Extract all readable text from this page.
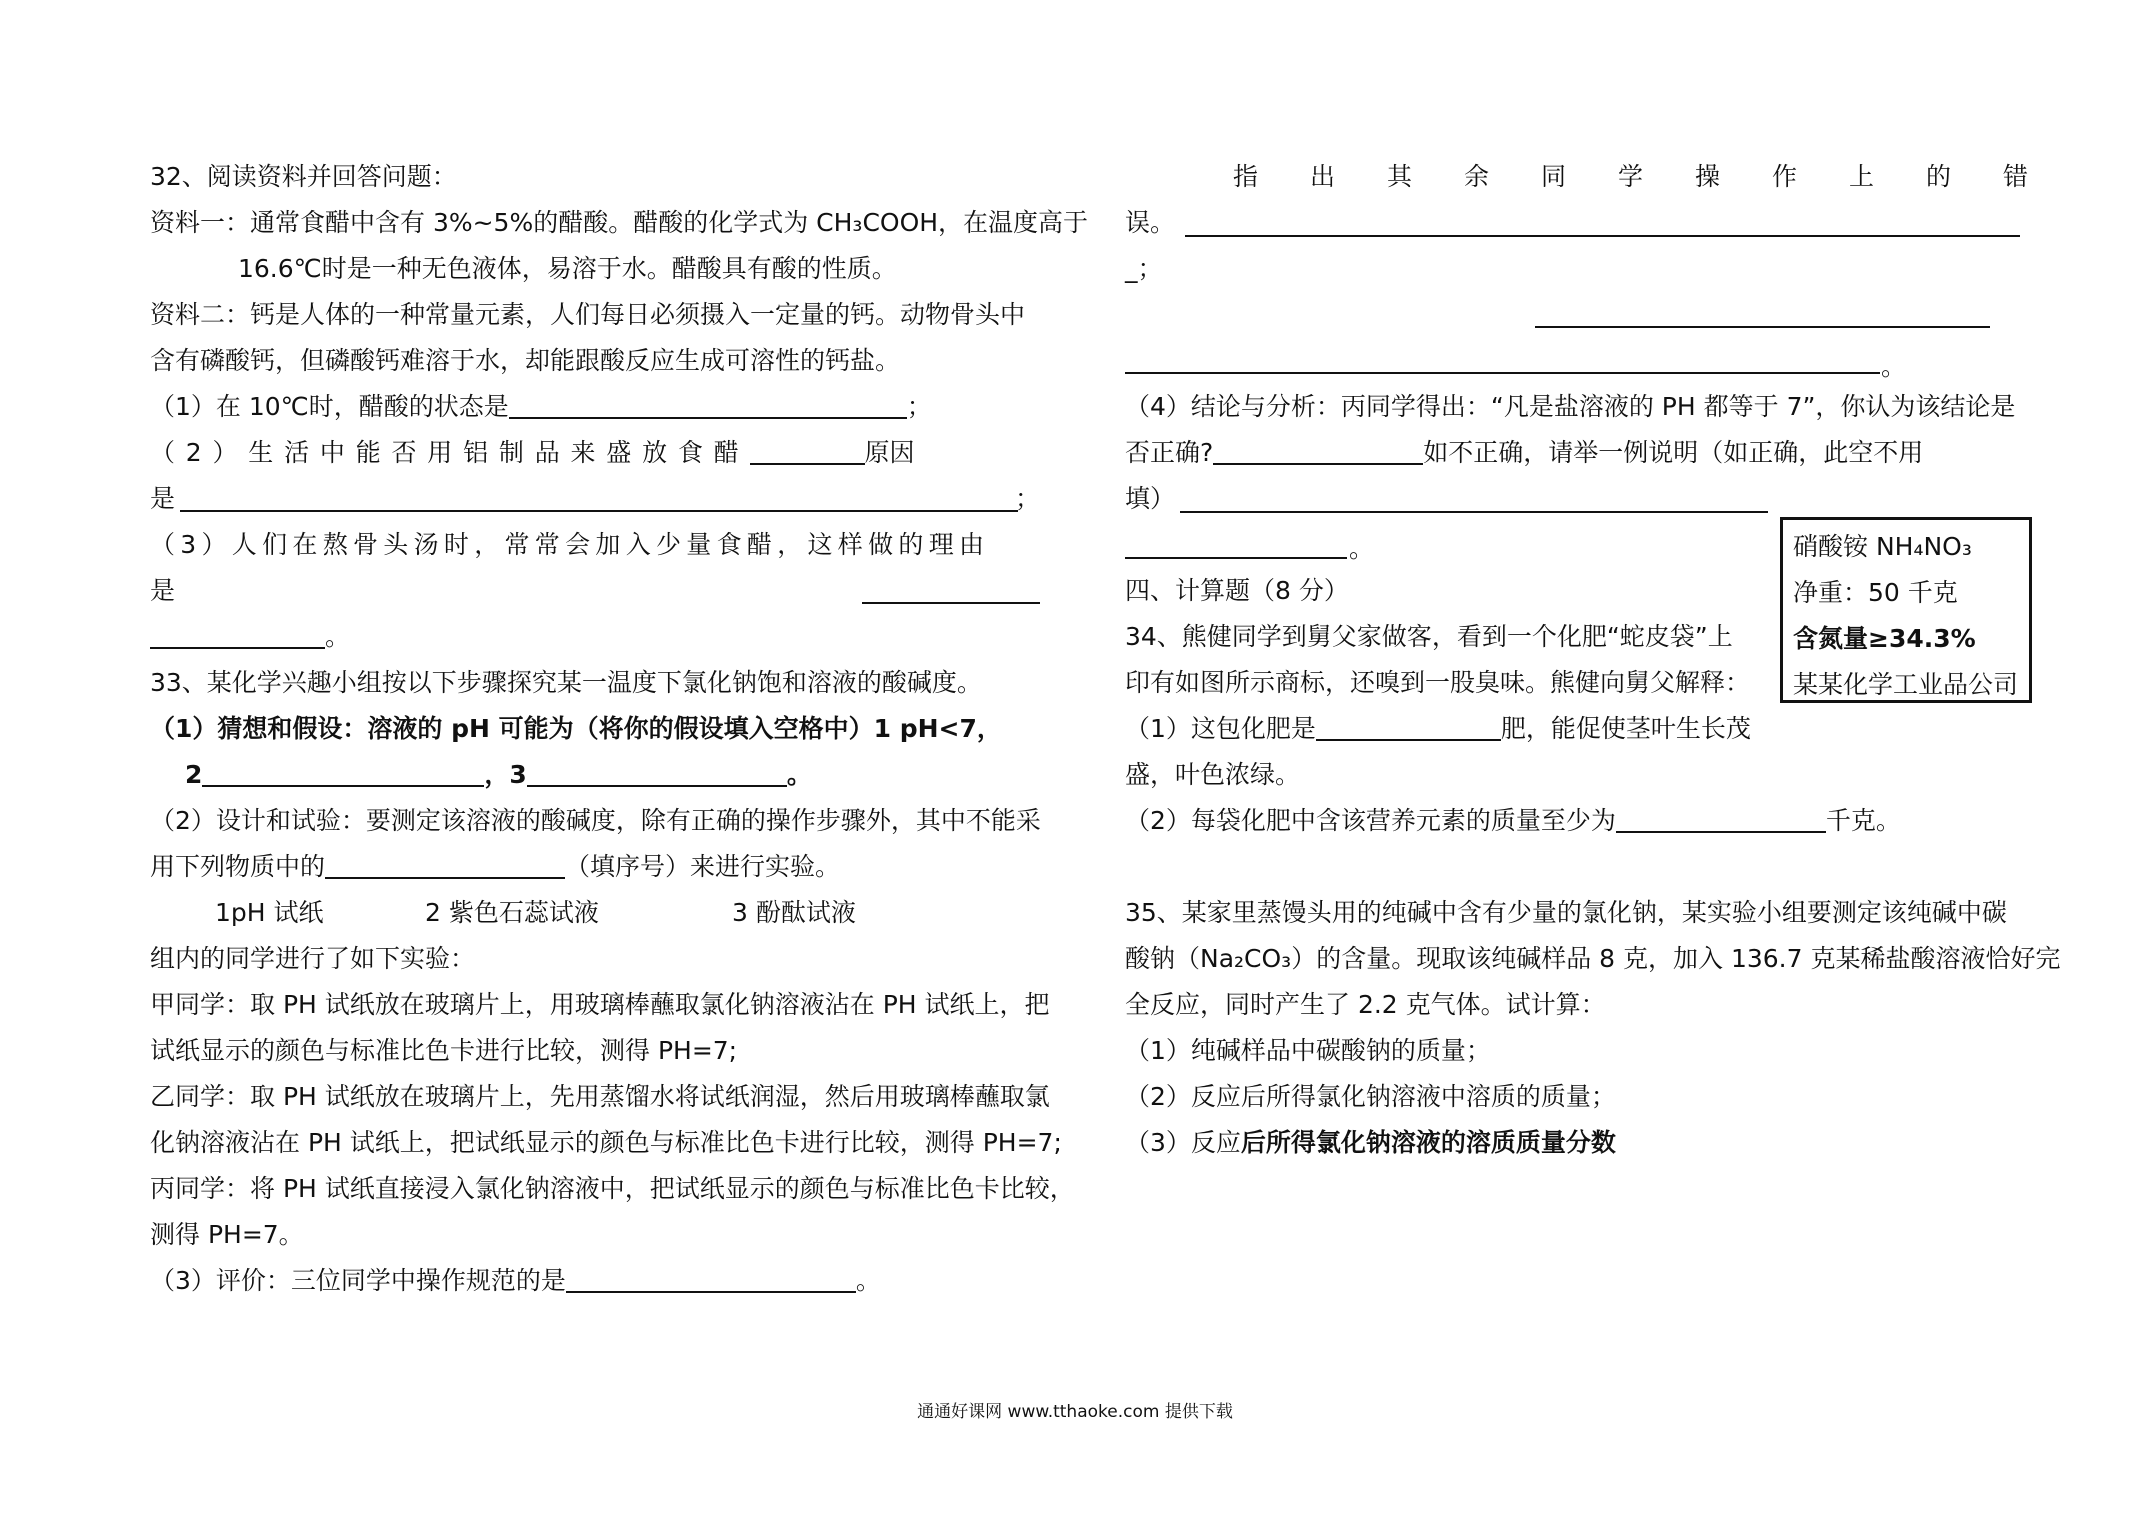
32、阅读资料并回答问题：
资料一：通常食醋中含有 3%~5%的醋酸。醋酸的化学式为 CH₃COOH，在温度高于
16.6℃时是一种无色液体，易溶于水。醋酸具有酸的性质。
资料二：钙是人体的一种常量元素，人们每日必须摄入一定量的钙。动物骨头中
含有磷酸钙，但磷酸钙难溶于水，却能跟酸反应生成可溶性的钙盐。
（1）在 10℃时，醋酸的状态是	；
（2）生活中能否用铝制品来盛放食醋	原因
是	；
（3）人们在熬骨头汤时，常常会加入少量食醋，这样做的理由
是
。
33、某化学兴趣小组按以下步骤探究某一温度下氯化钠饱和溶液的酸碱度。
（1）猜想和假设：溶液的 pH 可能为（将你的假设填入空格中）1 pH<7，
2	，3	。
（2）设计和试验：要测定该溶液的酸碱度，除有正确的操作步骤外，其中不能采
用下列物质中的	（填序号）来进行实验。
1pH 试纸	2 紫色石蕊试液	3 酚酞试液
组内的同学进行了如下实验：
甲同学：取 PH 试纸放在玻璃片上，用玻璃棒蘸取氯化钠溶液沾在 PH 试纸上，把
试纸显示的颜色与标准比色卡进行比较，测得 PH=7;
乙同学：取 PH 试纸放在玻璃片上，先用蒸馏水将试纸润湿，然后用玻璃棒蘸取氯
化钠溶液沾在 PH 试纸上，把试纸显示的颜色与标准比色卡进行比较，测得 PH=7;
丙同学：将 PH 试纸直接浸入氯化钠溶液中，把试纸显示的颜色与标准比色卡比较，
测得 PH=7。
（3）评价：三位同学中操作规范的是	。
指出其余同学操作上的错
误。
_；
。
（4）结论与分析：丙同学得出：“凡是盐溶液的 PH 都等于 7”，你认为该结论是
否正确?	如不正确，请举一例说明（如正确，此空不用
填）
。
四、计算题（8 分）
34、熊健同学到舅父家做客，看到一个化肥“蛇皮袋”上
印有如图所示商标，还嗅到一股臭味。熊健向舅父解释：
（1）这包化肥是	肥，能促使茎叶生长茂
盛，叶色浓绿。
（2）每袋化肥中含该营养元素的质量至少为	千克。
35、某家里蒸馒头用的纯碱中含有少量的氯化钠，某实验小组要测定该纯碱中碳
酸钠（Na₂CO₃）的含量。现取该纯碱样品 8 克，加入 136.7 克某稀盐酸溶液恰好完
全反应，同时产生了 2.2 克气体。试计算：
（1）纯碱样品中碳酸钠的质量；
（2）反应后所得氯化钠溶液中溶质的质量；
（3）反应后所得氯化钠溶液的溶质质量分数
硝酸铵 NH₄NO₃
净重：50 千克
含氮量≥34.3%
某某化学工业品公司
通通好课网 www.tthaoke.com 提供下载
